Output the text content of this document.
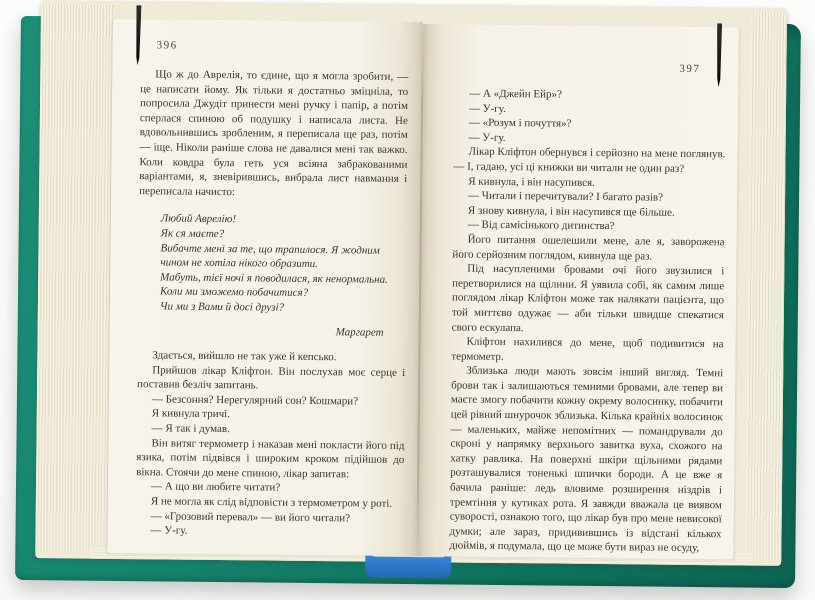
396

Що ж до Аврелія, то єдине, що я могла зробити, — це написати йому. Як тільки я достатньо зміцніла, то попросила Джудіт принести мені ручку і папір, а потім сперлася спиною об подушку і написала листа. Не вдовольнившись зробленим, я переписала ще раз, потім — іще. Ніколи раніше слова не давалися мені так важко. Коли ковдра була геть уся всіяна забракованими варіантами, я, зневірившись, вибрала лист навмання і переписала начисто:

Любий Аврелію!

Як ся маєте?

Вибачте мені за те, що трапилося. Я жодним чином не хотіла нікого образити.

Мабуть, тієї ночі я поводилася, як ненормальна.

Коли ми зможемо побачитися?

Чи ми з Вами й досі друзі?

Маргарет

Здається, вийшло не так уже й кепсько.

Прийшов лікар Кліфтон. Він послухав моє серце і поставив безліч запитань.

— Безсоння? Нерегулярний сон? Кошмари?

Я кивнула тричі.

— Я так і думав.

Він витяг термометр і наказав мені покласти його під язика, потім підвівся і широким кроком підійшов до вікна. Стоячи до мене спиною, лікар запитав:

— А що ви любите читати?

Я не могла як слід відповісти з термометром у роті.

— «Грозовий перевал» — ви його читали?

— У-гу.

397

— А «Джейн Ейр»?

— У-гу.

— «Розум і почуття»?

— У-гу.

Лікар Кліфтон обернувся і серйозно на мене поглянув. — І, гадаю, усі ці книжки ви читали не один раз?

Я кивнула, і він насупився.

— Читали і перечитували? І багато разів?

Я знову кивнула, і він насупився ще більше.

— Від самісінького дитинства?

Його питання ошелешили мене, але я, заворожена його серйозним поглядом, кивнула ще раз.

Під насупленими бровами очі його звузилися і перетворилися на щілини. Я уявила собі, як самим лише поглядом лікар Кліфтон може так налякати пацієнта, що той миттєво одужає — аби тільки швидше спекатися свого ескулапа.

Кліфтон нахилився до мене, щоб подивитися на термометр.

Зблизька люди мають зовсім інший вигляд. Темні брови так і залишаються темними бровами, але тепер ви маєте змогу побачити кожну окрему волосинку, побачити цей рівний шнурочок зблизька. Кілька крайніх волосинок — маленьких, майже непомітних — помандрували до скроні у напрямку верхнього завитка вуха, схожого на хатку равлика. На поверхні шкіри щільними рядами розташувалися тоненькі шпички бороди. А це вже я бачила раніше: ледь вловиме розширення ніздрів і тремтіння у кутиках рота. Я завжди вважала це виявом суворості, ознакою того, що лікар був про мене невисокої думки; але зараз, придивившись із відстані кількох дюймів, я подумала, що це може бути вираз не осуду,
